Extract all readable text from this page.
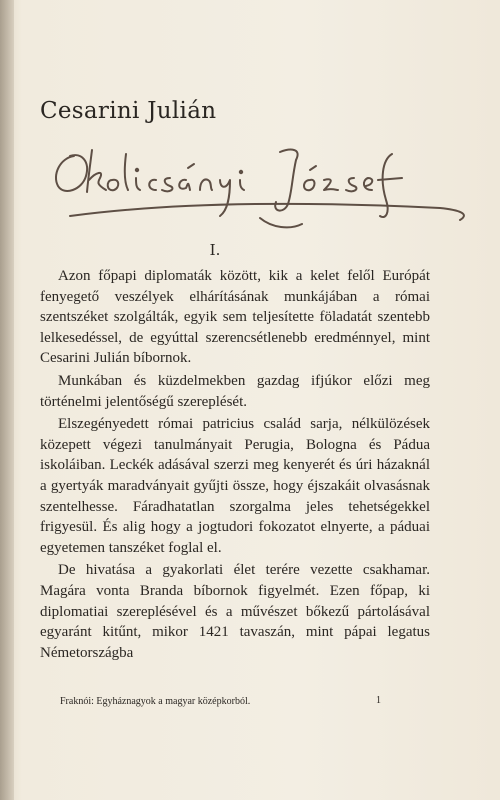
Cesarini Julián
I.

Azon főpapi diplomaták között, kik a kelet felől Európát fenyegető veszélyek elhárításának munkájában a római szentszéket szolgálták, egyik sem teljesítette föladatát szentebb lelkesedéssel, de egyúttal szerencsétlenebb eredménnyel, mint Cesarini Julián bíbornok.

Munkában és küzdelmekben gazdag ifjúkor előzi meg történelmi jelentőségű szereplését.

Elszegényedett római patricius család sarja, nélkülözések közepett végezi tanulmányait Perugia, Bologna és Pádua iskoláiban. Leckék adásával szerzi meg kenyerét és úri házaknál a gyertyák maradványait gyűjti össze, hogy éjszakáit olvasásnak szentelhesse. Fáradhatatlan szorgalma jeles tehetségekkel frigyesül. És alig hogy a jogtudori fokozatot elnyerte, a páduai egyetemen tanszéket foglal el.

De hivatása a gyakorlati élet terére vezette csakhamar. Magára vonta Branda bíbornok figyelmét. Ezen főpap, ki diplomatiai szereplésével és a művészet bőkezű pártolásával egyaránt kitűnt, mikor 1421 tavaszán, mint pápai legatus Németországba

Fraknói: Egyháznagyok a magyar középkorból.	1
